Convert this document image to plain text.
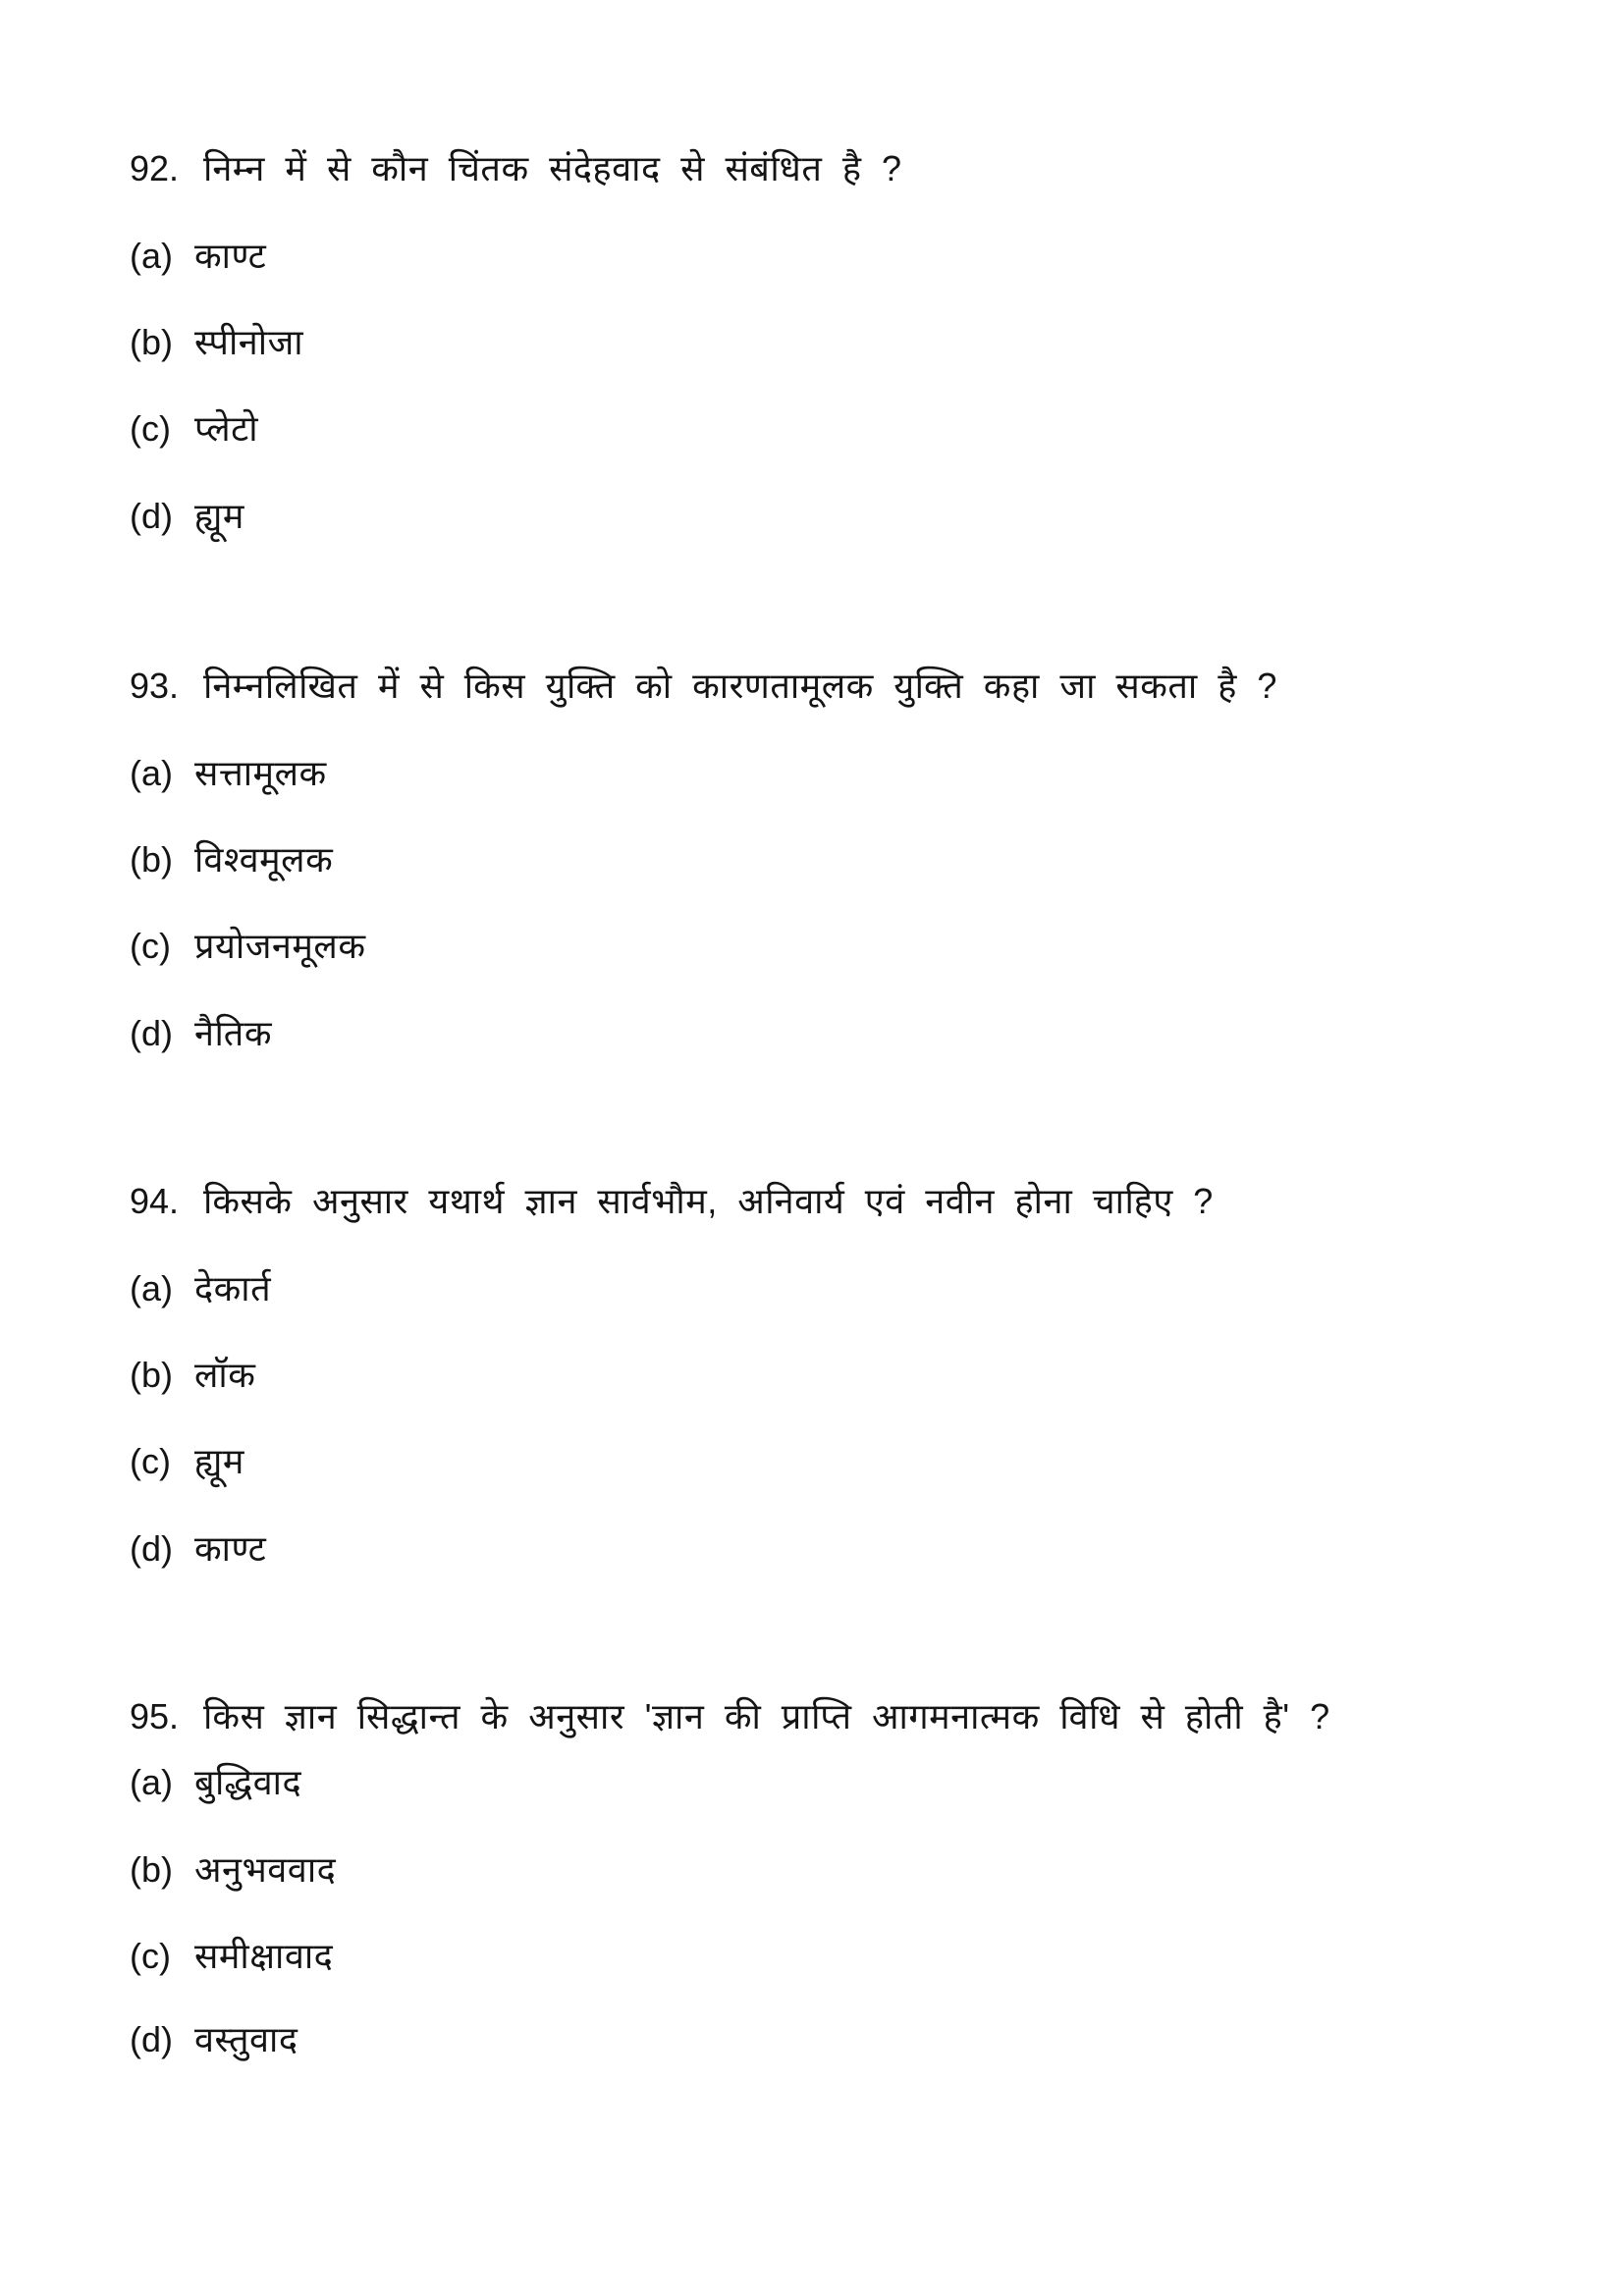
92. निम्न में से कौन चिंतक संदेहवाद से संबंधित है ?
(a) काण्ट
(b) स्पीनोजा
(c) प्लेटो
(d) ह्यूम
93. निम्नलिखित में से किस युक्ति को कारणतामूलक युक्ति कहा जा सकता है ?
(a) सत्तामूलक
(b) विश्वमूलक
(c) प्रयोजनमूलक
(d) नैतिक
94. किसके अनुसार यथार्थ ज्ञान सार्वभौम, अनिवार्य एवं नवीन होना चाहिए ?
(a) देकार्त
(b) लॉक
(c) ह्यूम
(d) काण्ट
95. किस ज्ञान सिद्धान्त के अनुसार 'ज्ञान की प्राप्ति आगमनात्मक विधि से होती है' ?
(a) बुद्धिवाद
(b) अनुभववाद
(c) समीक्षावाद
(d) वस्तुवाद
